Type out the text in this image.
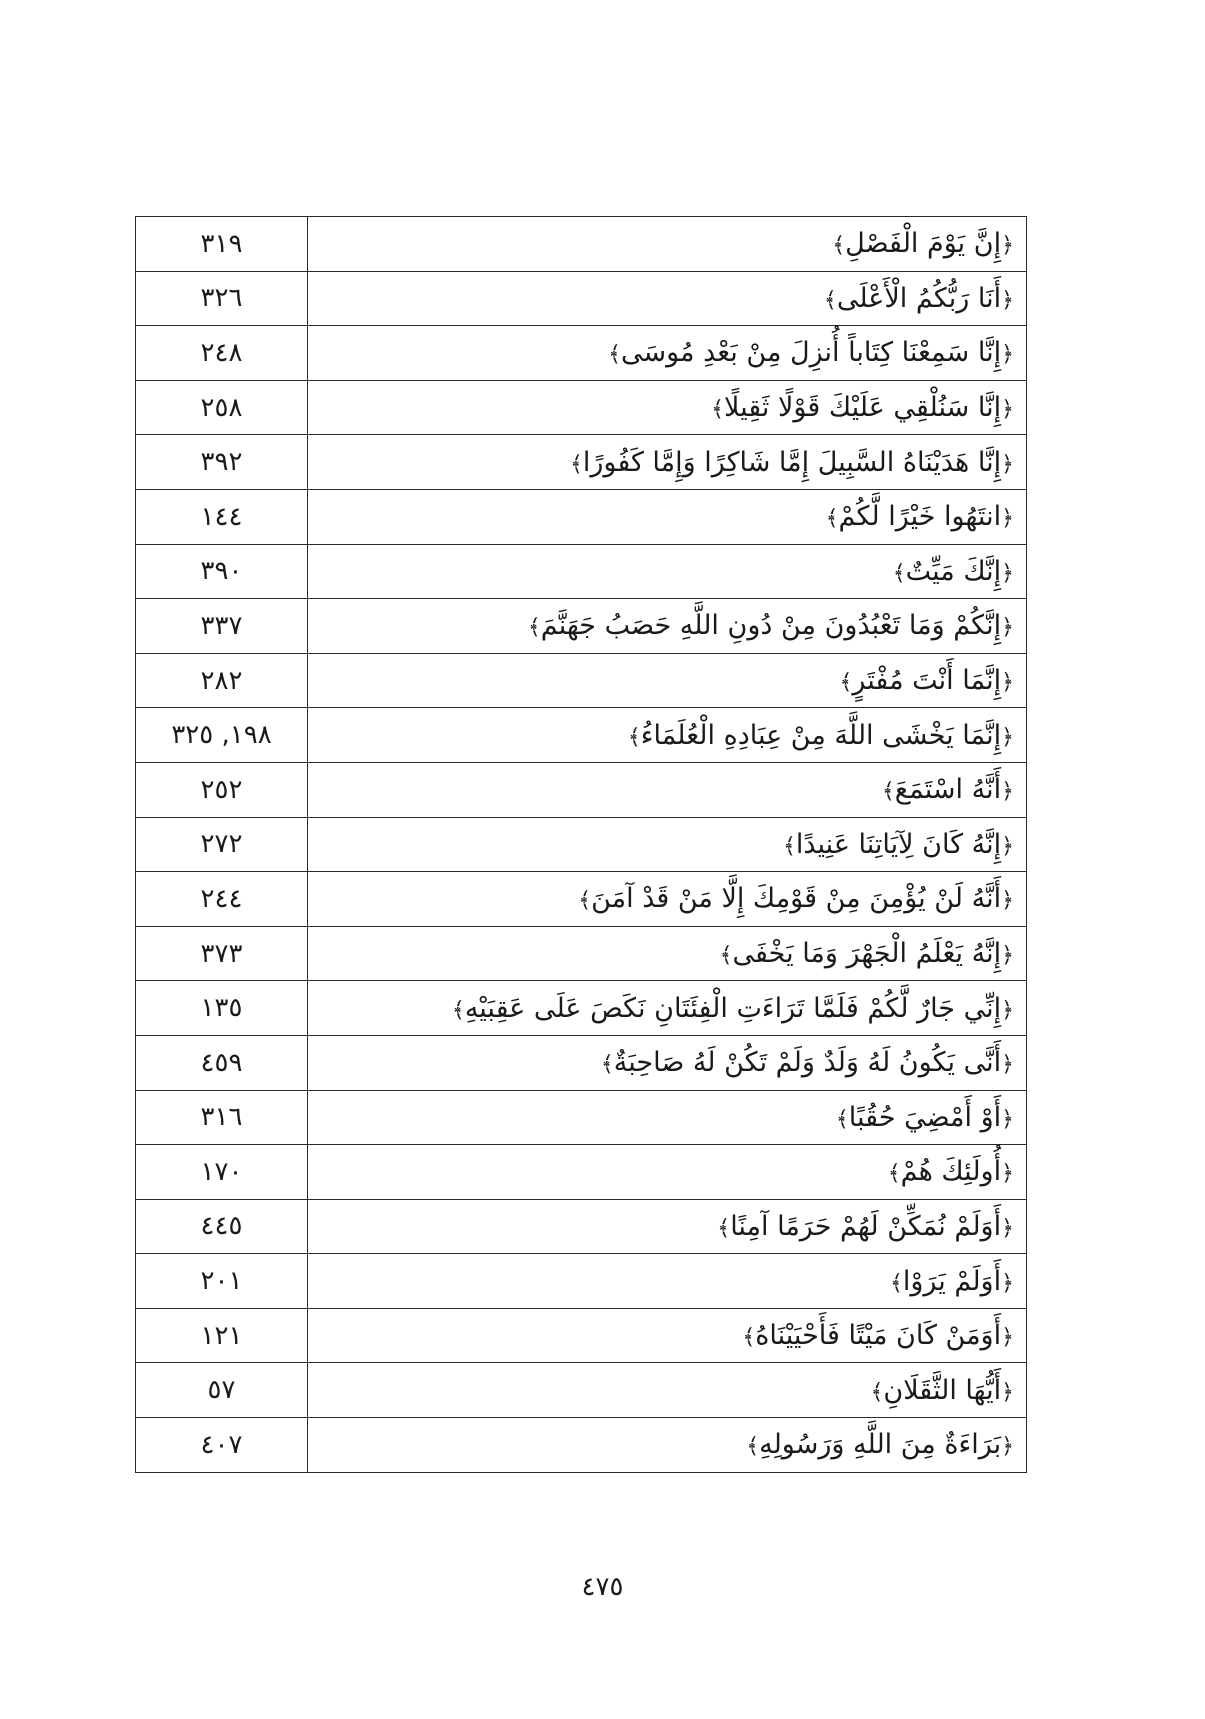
٣١٩	﴿إِنَّ يَوْمَ الْفَصْلِ﴾
٣٢٦	﴿أَنَا رَبُّكُمُ الْأَعْلَى﴾
٢٤٨	﴿إِنَّا سَمِعْنَا كِتَاباً أُنزِلَ مِنْ بَعْدِ مُوسَى﴾
٢٥٨	﴿إِنَّا سَنُلْقِي عَلَيْكَ قَوْلًا ثَقِيلًا﴾
٣٩٢	﴿إِنَّا هَدَيْنَاهُ السَّبِيلَ إِمَّا شَاكِرًا وَإِمَّا كَفُورًا﴾
١٤٤	﴿انتَهُوا خَيْرًا لَّكُمْ﴾
٣٩٠	﴿إِنَّكَ مَيِّتٌ﴾
٣٣٧	﴿إِنَّكُمْ وَمَا تَعْبُدُونَ مِنْ دُونِ اللَّهِ حَصَبُ جَهَنَّمَ﴾
٢٨٢	﴿إِنَّمَا أَنْتَ مُفْتَرٍ﴾
١٩٨, ٣٢٥	﴿إِنَّمَا يَخْشَى اللَّهَ مِنْ عِبَادِهِ الْعُلَمَاءُ﴾
٢٥٢	﴿أَنَّهُ اسْتَمَعَ﴾
٢٧٢	﴿إِنَّهُ كَانَ لِآيَاتِنَا عَنِيدًا﴾
٢٤٤	﴿أَنَّهُ لَنْ يُؤْمِنَ مِنْ قَوْمِكَ إِلَّا مَنْ قَدْ آمَنَ﴾
٣٧٣	﴿إِنَّهُ يَعْلَمُ الْجَهْرَ وَمَا يَخْفَى﴾
١٣٥	﴿إِنِّي جَارٌ لَّكُمْ فَلَمَّا تَرَاءَتِ الْفِئَتَانِ نَكَصَ عَلَى عَقِبَيْهِ﴾
٤٥٩	﴿أَنَّى يَكُونُ لَهُ وَلَدٌ وَلَمْ تَكُنْ لَهُ صَاحِبَةٌ﴾
٣١٦	﴿أَوْ أَمْضِيَ حُقُبًا﴾
١٧٠	﴿أُولَئِكَ هُمْ﴾
٤٤٥	﴿أَوَلَمْ نُمَكِّنْ لَهُمْ حَرَمًا آمِنًا﴾
٢٠١	﴿أَوَلَمْ يَرَوْا﴾
١٢١	﴿أَوَمَنْ كَانَ مَيْتًا فَأَحْيَيْنَاهُ﴾
٥٧	﴿أَيُّهَا الثَّقَلَانِ﴾
٤٠٧	﴿بَرَاءَةٌ مِنَ اللَّهِ وَرَسُولِهِ﴾
٤٧٥
